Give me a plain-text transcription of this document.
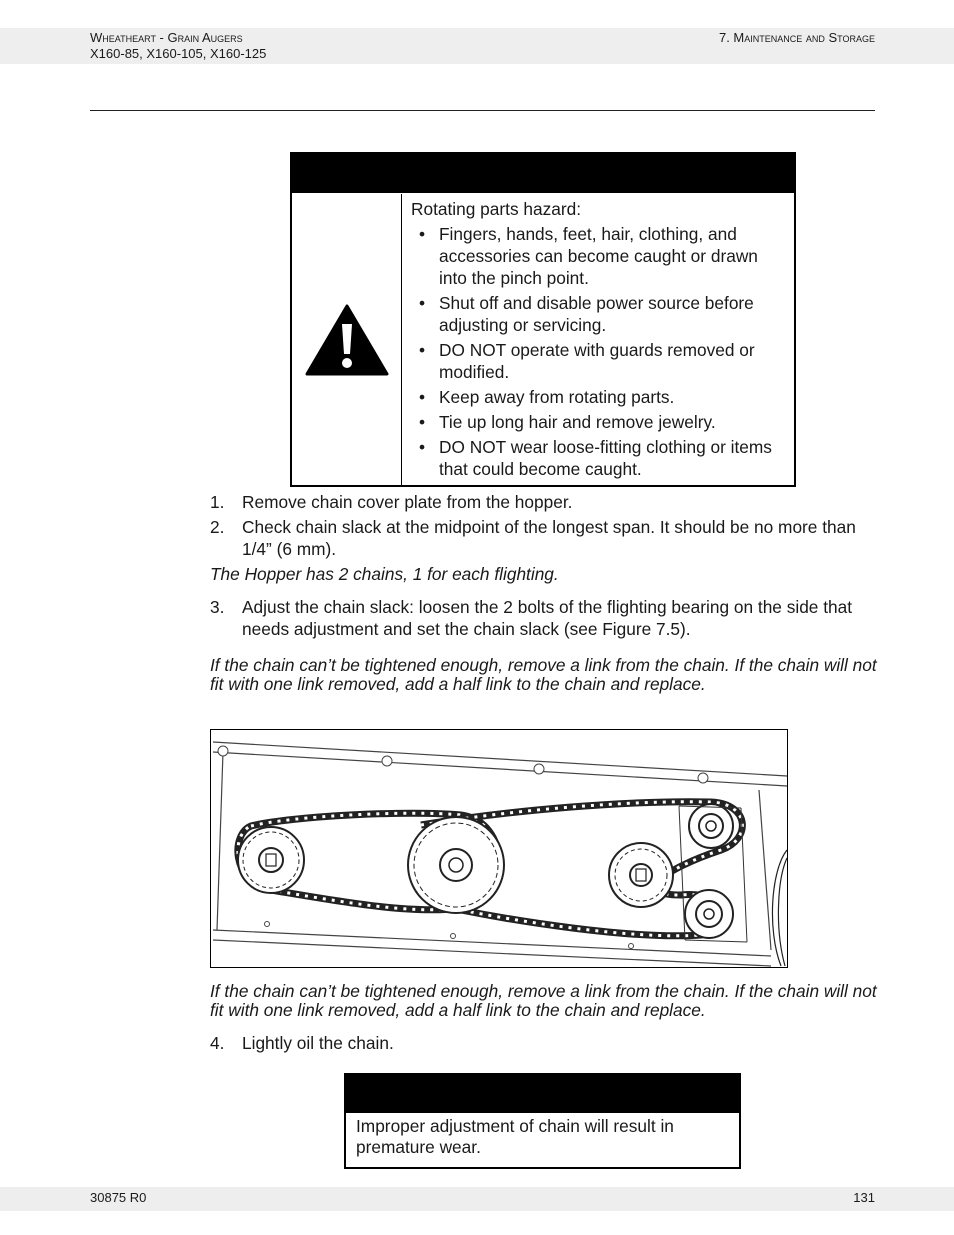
Wheatheart - Grain Augers
X160-85, X160-105, X160-125
7. Maintenance and Storage
Rotating parts hazard:
• Fingers, hands, feet, hair, clothing, and accessories can become caught or drawn into the pinch point.
• Shut off and disable power source before adjusting or servicing.
• DO NOT operate with guards removed or modified.
• Keep away from rotating parts.
• Tie up long hair and remove jewelry.
• DO NOT wear loose-fitting clothing or items that could become caught.
1. Remove chain cover plate from the hopper.
2. Check chain slack at the midpoint of the longest span. It should be no more than 1/4” (6 mm).
The Hopper has 2 chains, 1 for each flighting.
3. Adjust the chain slack: loosen the 2 bolts of the flighting bearing on the side that needs adjustment and set the chain slack (see Figure 7.5).
If the chain can’t be tightened enough, remove a link from the chain. If the chain will not fit with one link removed, add a half link to the chain and replace.
If the chain can’t be tightened enough, remove a link from the chain. If the chain will not fit with one link removed, add a half link to the chain and replace.
4. Lightly oil the chain.
Improper adjustment of chain will result in premature wear.
30875 R0	131
